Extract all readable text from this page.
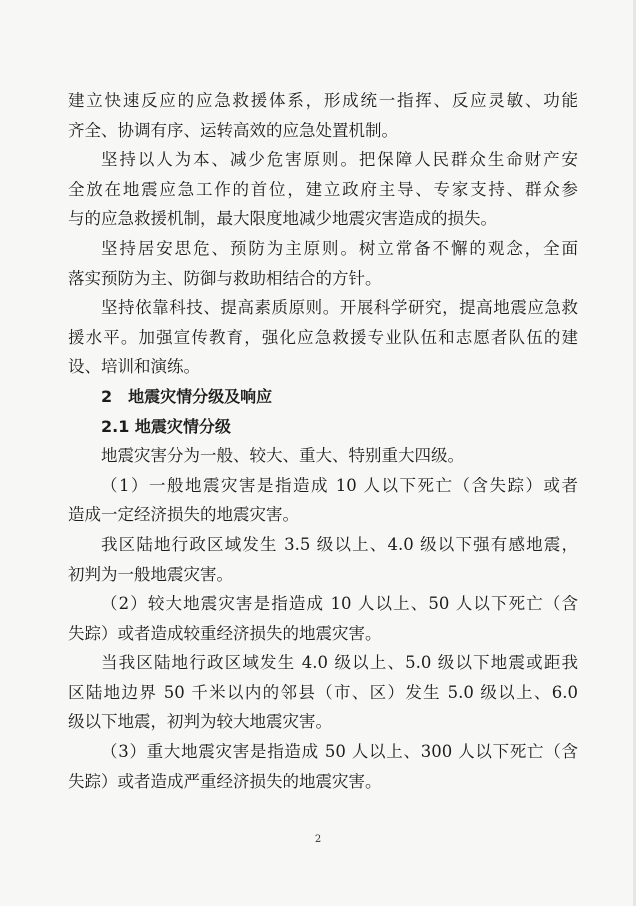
建立快速反应的应急救援体系，形成统一指挥、反应灵敏、功能
齐全、协调有序、运转高效的应急处置机制。
坚持以人为本、减少危害原则。把保障人民群众生命财产安
全放在地震应急工作的首位，建立政府主导、专家支持、群众参
与的应急救援机制，最大限度地减少地震灾害造成的损失。
坚持居安思危、预防为主原则。树立常备不懈的观念，全面
落实预防为主、防御与救助相结合的方针。
坚持依靠科技、提高素质原则。开展科学研究，提高地震应急救
援水平。加强宣传教育，强化应急救援专业队伍和志愿者队伍的建
设、培训和演练。
2　地震灾情分级及响应
2.1 地震灾情分级
地震灾害分为一般、较大、重大、特别重大四级。
（1）一般地震灾害是指造成 10 人以下死亡（含失踪）或者
造成一定经济损失的地震灾害。
我区陆地行政区域发生 3.5 级以上、4.0 级以下强有感地震，
初判为一般地震灾害。
（2）较大地震灾害是指造成 10 人以上、50 人以下死亡（含
失踪）或者造成较重经济损失的地震灾害。
当我区陆地行政区域发生 4.0 级以上、5.0 级以下地震或距我
区陆地边界 50 千米以内的邻县（市、区）发生 5.0 级以上、6.0
级以下地震，初判为较大地震灾害。
（3）重大地震灾害是指造成 50 人以上、300 人以下死亡（含
失踪）或者造成严重经济损失的地震灾害。
2
